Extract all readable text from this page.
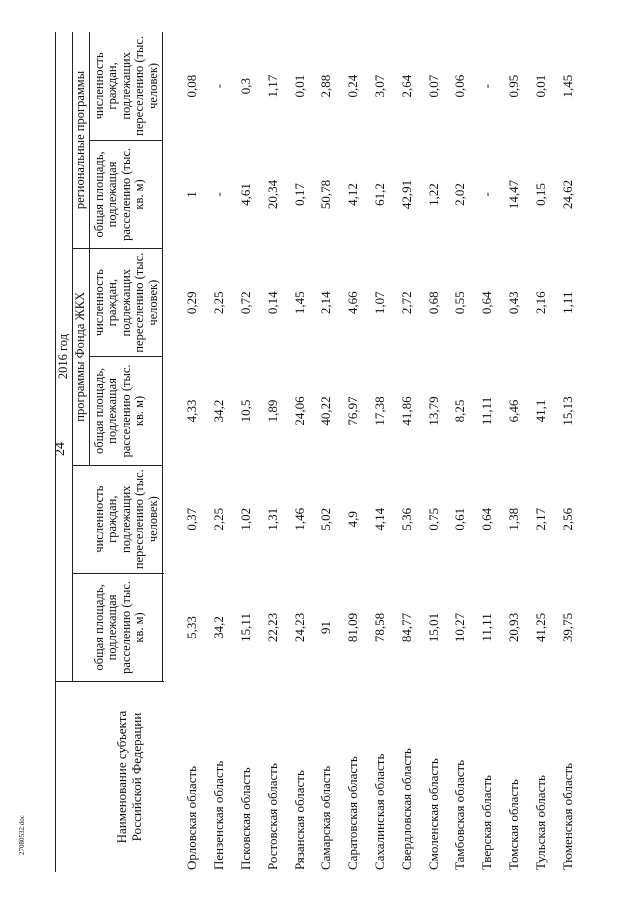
24
27080532.doc	Наименование субъекта Российской Федерации	2016 год					
	общая площадь, подлежащая расселению (тыс. кв. м)	численность граждан, подлежащих переселению (тыс. человек)	программы Фонда ЖКХ		региональные программы	
			общая площадь, подлежащая расселению (тыс. кв. м)	численность граждан, подлежащих переселению (тыс. человек)	общая площадь, подлежащая расселению (тыс. кв. м)	численность граждан, подлежащих переселению (тыс. человек)

Орловская область	5,33	0,37	4,33	0,29	1	0,08
Пензенская область	34,2	2,25	34,2	2,25	-	-
Псковская область	15,11	1,02	10,5	0,72	4,61	0,3
Ростовская область	22,23	1,31	1,89	0,14	20,34	1,17
Рязанская область	24,23	1,46	24,06	1,45	0,17	0,01
Самарская область	91	5,02	40,22	2,14	50,78	2,88
Саратовская область	81,09	4,9	76,97	4,66	4,12	0,24
Сахалинская область	78,58	4,14	17,38	1,07	61,2	3,07
Свердловская область	84,77	5,36	41,86	2,72	42,91	2,64
Смоленская область	15,01	0,75	13,79	0,68	1,22	0,07
Тамбовская область	10,27	0,61	8,25	0,55	2,02	0,06
Тверская область	11,11	0,64	11,11	0,64	-	-
Томская область	20,93	1,38	6,46	0,43	14,47	0,95
Тульская область	41,25	2,17	41,1	2,16	0,15	0,01
Тюменская область	39,75	2,56	15,13	1,11	24,62	1,45
